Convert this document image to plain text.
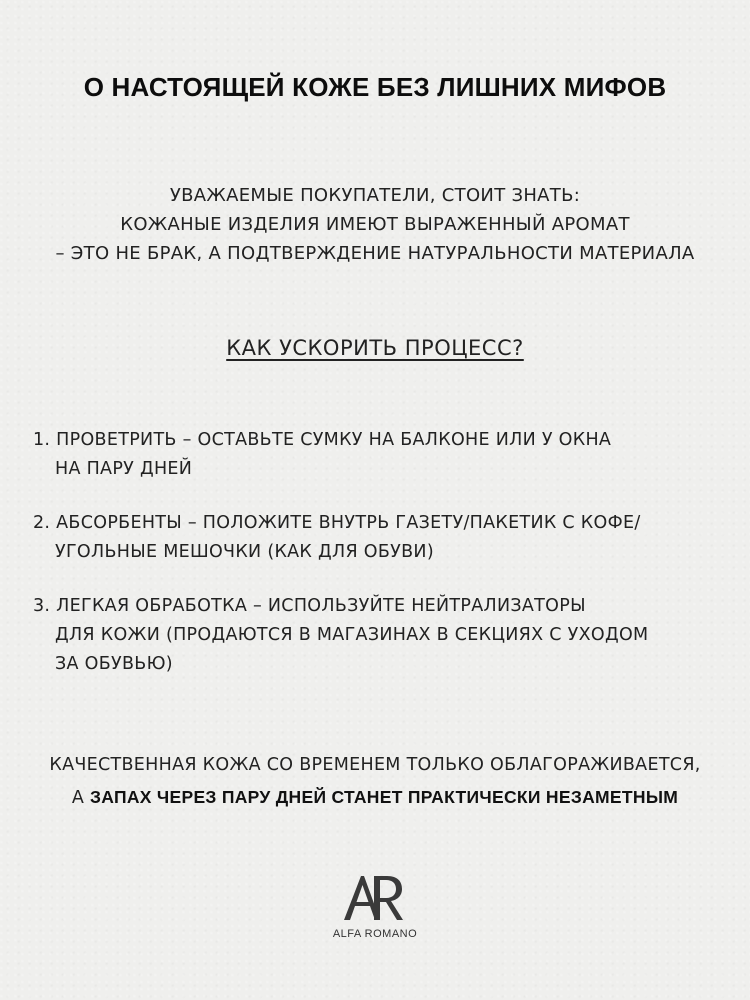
О НАСТОЯЩЕЙ КОЖЕ БЕЗ ЛИШНИХ МИФОВ
УВАЖАЕМЫЕ ПОКУПАТЕЛИ, СТОИТ ЗНАТЬ:
КОЖАНЫЕ ИЗДЕЛИЯ ИМЕЮТ ВЫРАЖЕННЫЙ АРОМАТ
– ЭТО НЕ БРАК, А ПОДТВЕРЖДЕНИЕ НАТУРАЛЬНОСТИ МАТЕРИАЛА
КАК УСКОРИТЬ ПРОЦЕСС?
1. ПРОВЕТРИТЬ – ОСТАВЬТЕ СУМКУ НА БАЛКОНЕ ИЛИ У ОКНА
НА ПАРУ ДНЕЙ
2. АБСОРБЕНТЫ – ПОЛОЖИТЕ ВНУТРЬ ГАЗЕТУ/ПАКЕТИК С КОФЕ/
УГОЛЬНЫЕ МЕШОЧКИ (КАК ДЛЯ ОБУВИ)
3. ЛЕГКАЯ ОБРАБОТКА – ИСПОЛЬЗУЙТЕ НЕЙТРАЛИЗАТОРЫ
ДЛЯ КОЖИ (ПРОДАЮТСЯ В МАГАЗИНАХ В СЕКЦИЯХ С УХОДОМ
ЗА ОБУВЬЮ)
КАЧЕСТВЕННАЯ КОЖА СО ВРЕМЕНЕМ ТОЛЬКО ОБЛАГОРАЖИВАЕТСЯ,
А ЗАПАХ ЧЕРЕЗ ПАРУ ДНЕЙ СТАНЕТ ПРАКТИЧЕСКИ НЕЗАМЕТНЫМ
ALFA ROMANO
